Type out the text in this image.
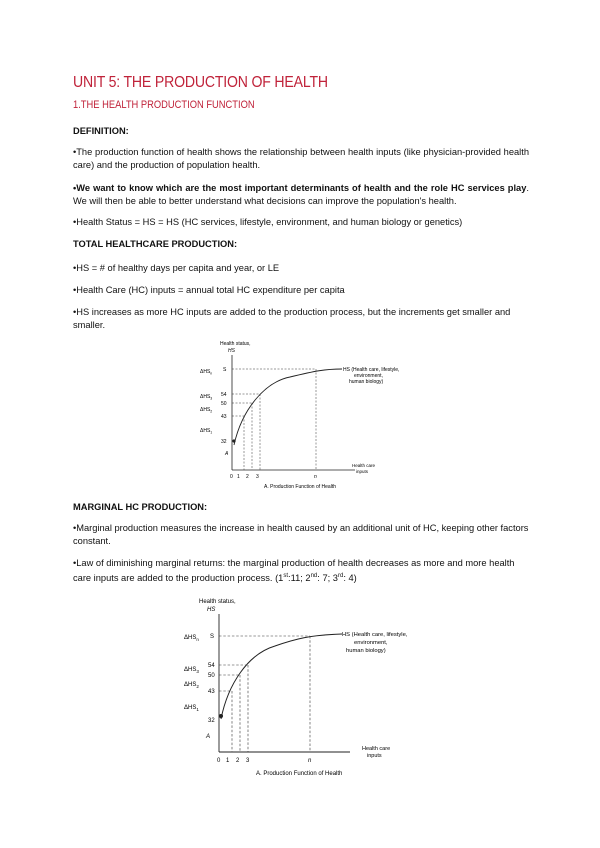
UNIT 5: THE PRODUCTION OF HEALTH
1.THE HEALTH PRODUCTION FUNCTION
DEFINITION:
•The production function of health shows the relationship between health inputs (like physician-provided health care) and the production of population health.
•We want to know which are the most important determinants of health and the role HC services play. We will then be able to better understand what decisions can improve the population's health.
•Health Status = HS = HS (HC services, lifestyle, environment, and human biology or genetics)
TOTAL HEALTHCARE PRODUCTION:
•HS = # of healthy days per capita and year, or LE
•Health Care (HC) inputs = annual total HC expenditure per capita
•HS increases as more HC inputs are added to the production process, but the increments get smaller and smaller.
Health status,
HS
S
54
50
43
32
$\Delta HS_n$
$\Delta HS_3$
$\Delta HS_2$
$\Delta HS_1$
A
0 1 2 3	n
Health care
inputs
HS (Health care, lifestyle,
environment,
human biology)
A. Production Function of Health
MARGINAL HC PRODUCTION:
•Marginal production measures the increase in health caused by an additional unit of HC, keeping other factors constant.
•Law of diminishing marginal returns: the marginal production of health decreases as more and more health care inputs are added to the production process. (1st:11; 2nd: 7; 3rd: 4)
Health status,
HS
S
54
50
43
32
$\Delta HS_n$
$\Delta HS_3$
$\Delta HS_2$
$\Delta HS_1$
A
0 1 2 3	n
Health care
inputs
HS (Health care, lifestyle,
environment,
human biology)
A. Production Function of Health
